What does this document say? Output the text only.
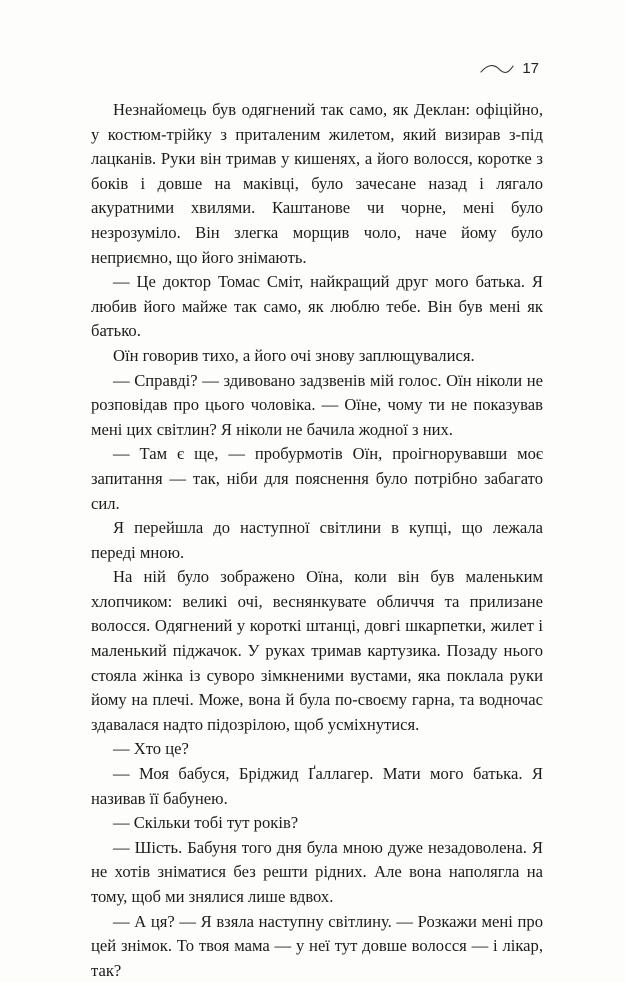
17

Незнайомець був одягнений так само, як Деклан: офіційно, у костюм-трійку з приталеним жилетом, який визирав з-під лацканів. Руки він тримав у кишенях, а його волосся, коротке з боків і довше на маківці, було зачесане назад і лягало акуратними хвилями. Каштанове чи чорне, мені було незрозуміло. Він злегка морщив чоло, наче йому було неприємно, що його знімають.

— Це доктор Томас Сміт, найкращий друг мого батька. Я любив його майже так само, як люблю тебе. Він був мені як батько.

Оїн говорив тихо, а його очі знову заплющувалися.

— Справді? — здивовано задзвенів мій голос. Оїн ніколи не розповідав про цього чоловіка. — Оїне, чому ти не показував мені цих світлин? Я ніколи не бачила жодної з них.

— Там є ще, — пробурмотів Оїн, проігнорувавши моє запитання — так, ніби для пояснення було потрібно забагато сил.

Я перейшла до наступної світлини в купці, що лежала переді мною.

На ній було зображено Оїна, коли він був маленьким хлопчиком: великі очі, веснянкувате обличчя та прилизане волосся. Одягнений у короткі штанці, довгі шкарпетки, жилет і маленький піджачок. У руках тримав картузика. Позаду нього стояла жінка із суворо зімкненими вустами, яка поклала руки йому на плечі. Може, вона й була по-своєму гарна, та водночас здавалася надто підозрілою, щоб усміхнутися.

— Хто це?

— Моя бабуся, Бріджид Ґаллагер. Мати мого батька. Я називав її бабунею.

— Скільки тобі тут років?

— Шість. Бабуня того дня була мною дуже незадоволена. Я не хотів зніматися без решти рідних. Але вона наполягла на тому, щоб ми знялися лише вдвох.

— А ця? — Я взяла наступну світлину. — Розкажи мені про цей знімок. То твоя мама — у неї тут довше волосся — і лікар, так?
